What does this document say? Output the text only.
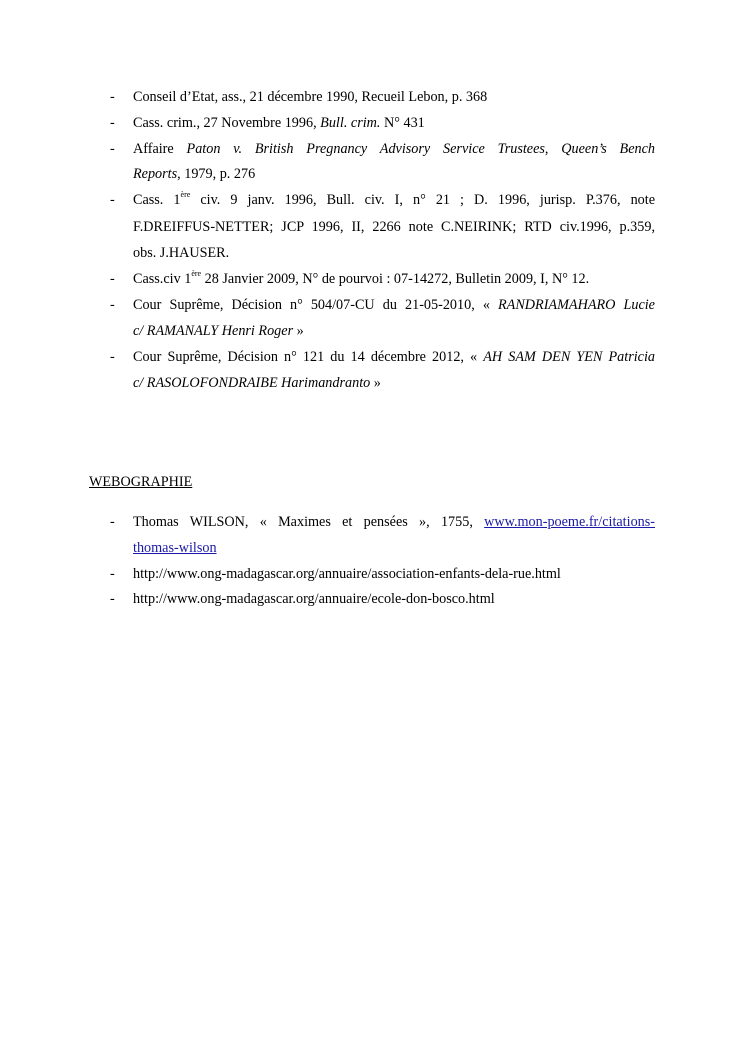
- Conseil d’Etat, ass., 21 décembre 1990, Recueil Lebon, p. 368
- Cass. crim., 27 Novembre 1996, Bull. crim. N° 431
- Affaire Paton v. British Pregnancy Advisory Service Trustees, Queen’s Bench
Reports, 1979, p. 276
- Cass. 1ère civ. 9 janv. 1996, Bull. civ. I, n° 21 ; D. 1996, jurisp. P.376, note
F.DREIFFUS-NETTER; JCP 1996, II, 2266 note C.NEIRINK; RTD civ.1996, p.359,
obs. J.HAUSER.
- Cass.civ 1ère 28 Janvier 2009, N° de pourvoi : 07-14272, Bulletin 2009, I, N° 12.
- Cour Suprême, Décision n° 504/07-CU du 21-05-2010, « RANDRIAMAHARO Lucie
c/ RAMANALY Henri Roger »
- Cour Suprême, Décision n° 121 du 14 décembre 2012, « AH SAM DEN YEN Patricia
c/ RASOLOFONDRAIBE Harimandranto »
WEBOGRAPHIE
- Thomas WILSON, « Maximes et pensées », 1755, www.mon-poeme.fr/citations-
thomas-wilson
- http://www.ong-madagascar.org/annuaire/association-enfants-dela-rue.html
- http://www.ong-madagascar.org/annuaire/ecole-don-bosco.html
